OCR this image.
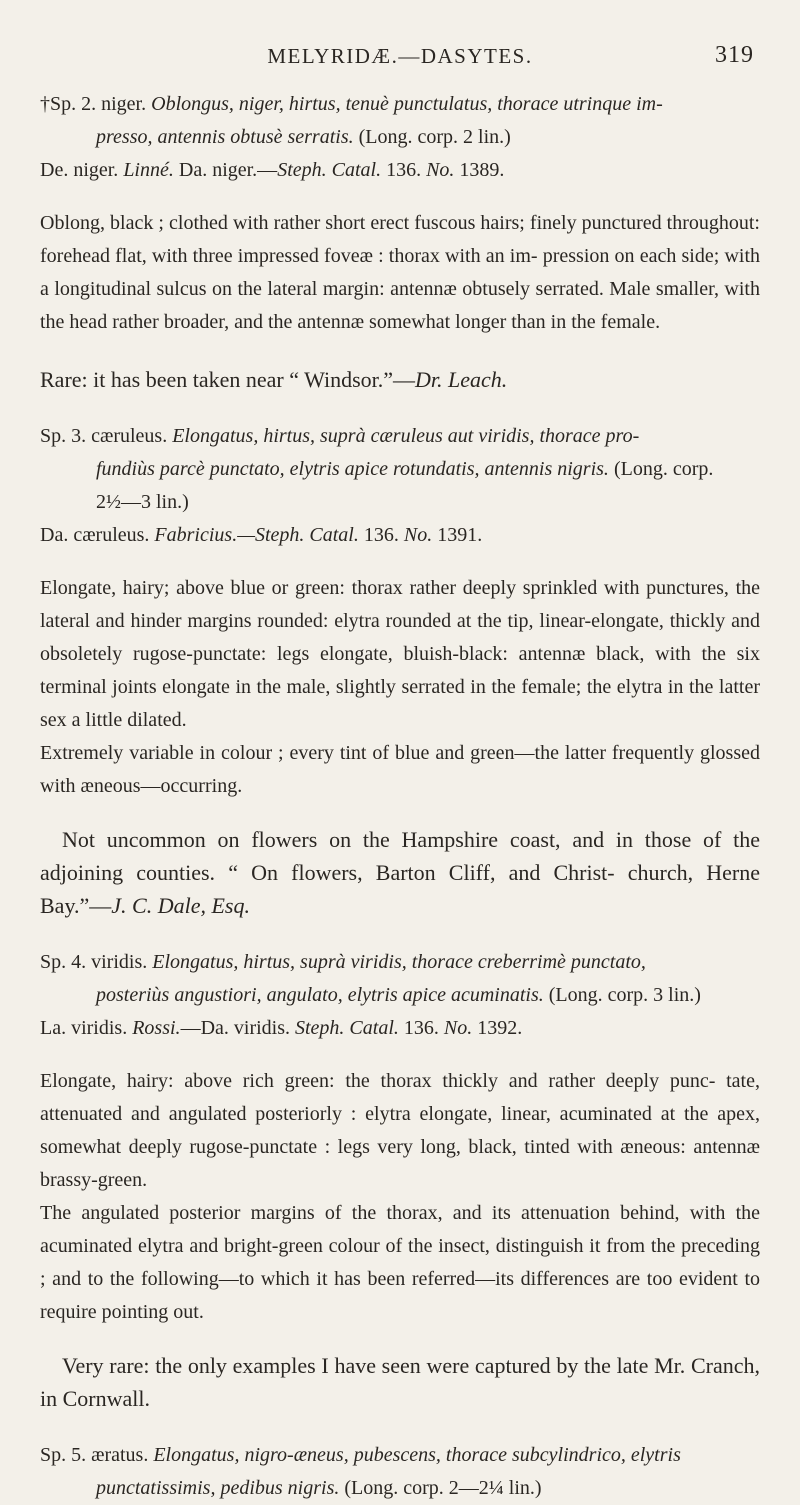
MELYRIDÆ.—DASYTES.	319
†Sp. 2. niger. Oblongus, niger, hirtus, tenuè punctulatus, thorace utrinque im-
presso, antennis obtusè serratis. (Long. corp. 2 lin.)
De. niger. Linné. Da. niger.—Steph. Catal. 136. No. 1389.

Oblong, black ; clothed with rather short erect fuscous hairs; finely punctured throughout: forehead flat, with three impressed foveæ : thorax with an im- pression on each side; with a longitudinal sulcus on the lateral margin: antennæ obtusely serrated. Male smaller, with the head rather broader, and the antennæ somewhat longer than in the female.

Rare: it has been taken near “ Windsor.”—Dr. Leach.

Sp. 3. cæruleus. Elongatus, hirtus, suprà cæruleus aut viridis, thorace pro-
fundiùs parcè punctato, elytris apice rotundatis, antennis nigris. (Long. corp.
2½—3 lin.)
Da. cæruleus. Fabricius.—Steph. Catal. 136. No. 1391.

Elongate, hairy; above blue or green: thorax rather deeply sprinkled with punctures, the lateral and hinder margins rounded: elytra rounded at the tip, linear-elongate, thickly and obsoletely rugose-punctate: legs elongate, bluish-black: antennæ black, with the six terminal joints elongate in the male, slightly serrated in the female; the elytra in the latter sex a little dilated.

Extremely variable in colour ; every tint of blue and green—the latter frequently glossed with æneous—occurring.

Not uncommon on flowers on the Hampshire coast, and in those of the adjoining counties. “ On flowers, Barton Cliff, and Christ- church, Herne Bay.”—J. C. Dale, Esq.

Sp. 4. viridis. Elongatus, hirtus, suprà viridis, thorace creberrimè punctato,
posteriùs angustiori, angulato, elytris apice acuminatis. (Long. corp. 3 lin.)
La. viridis. Rossi.—Da. viridis. Steph. Catal. 136. No. 1392.

Elongate, hairy: above rich green: the thorax thickly and rather deeply punc- tate, attenuated and angulated posteriorly : elytra elongate, linear, acuminated at the apex, somewhat deeply rugose-punctate : legs very long, black, tinted with æneous: antennæ brassy-green.

The angulated posterior margins of the thorax, and its attenuation behind, with the acuminated elytra and bright-green colour of the insect, distinguish it from the preceding ; and to the following—to which it has been referred—its differences are too evident to require pointing out.

Very rare: the only examples I have seen were captured by the late Mr. Cranch, in Cornwall.

Sp. 5. æratus. Elongatus, nigro-æneus, pubescens, thorace subcylindrico, elytris
punctatissimis, pedibus nigris. (Long. corp. 2—2¼ lin.)
